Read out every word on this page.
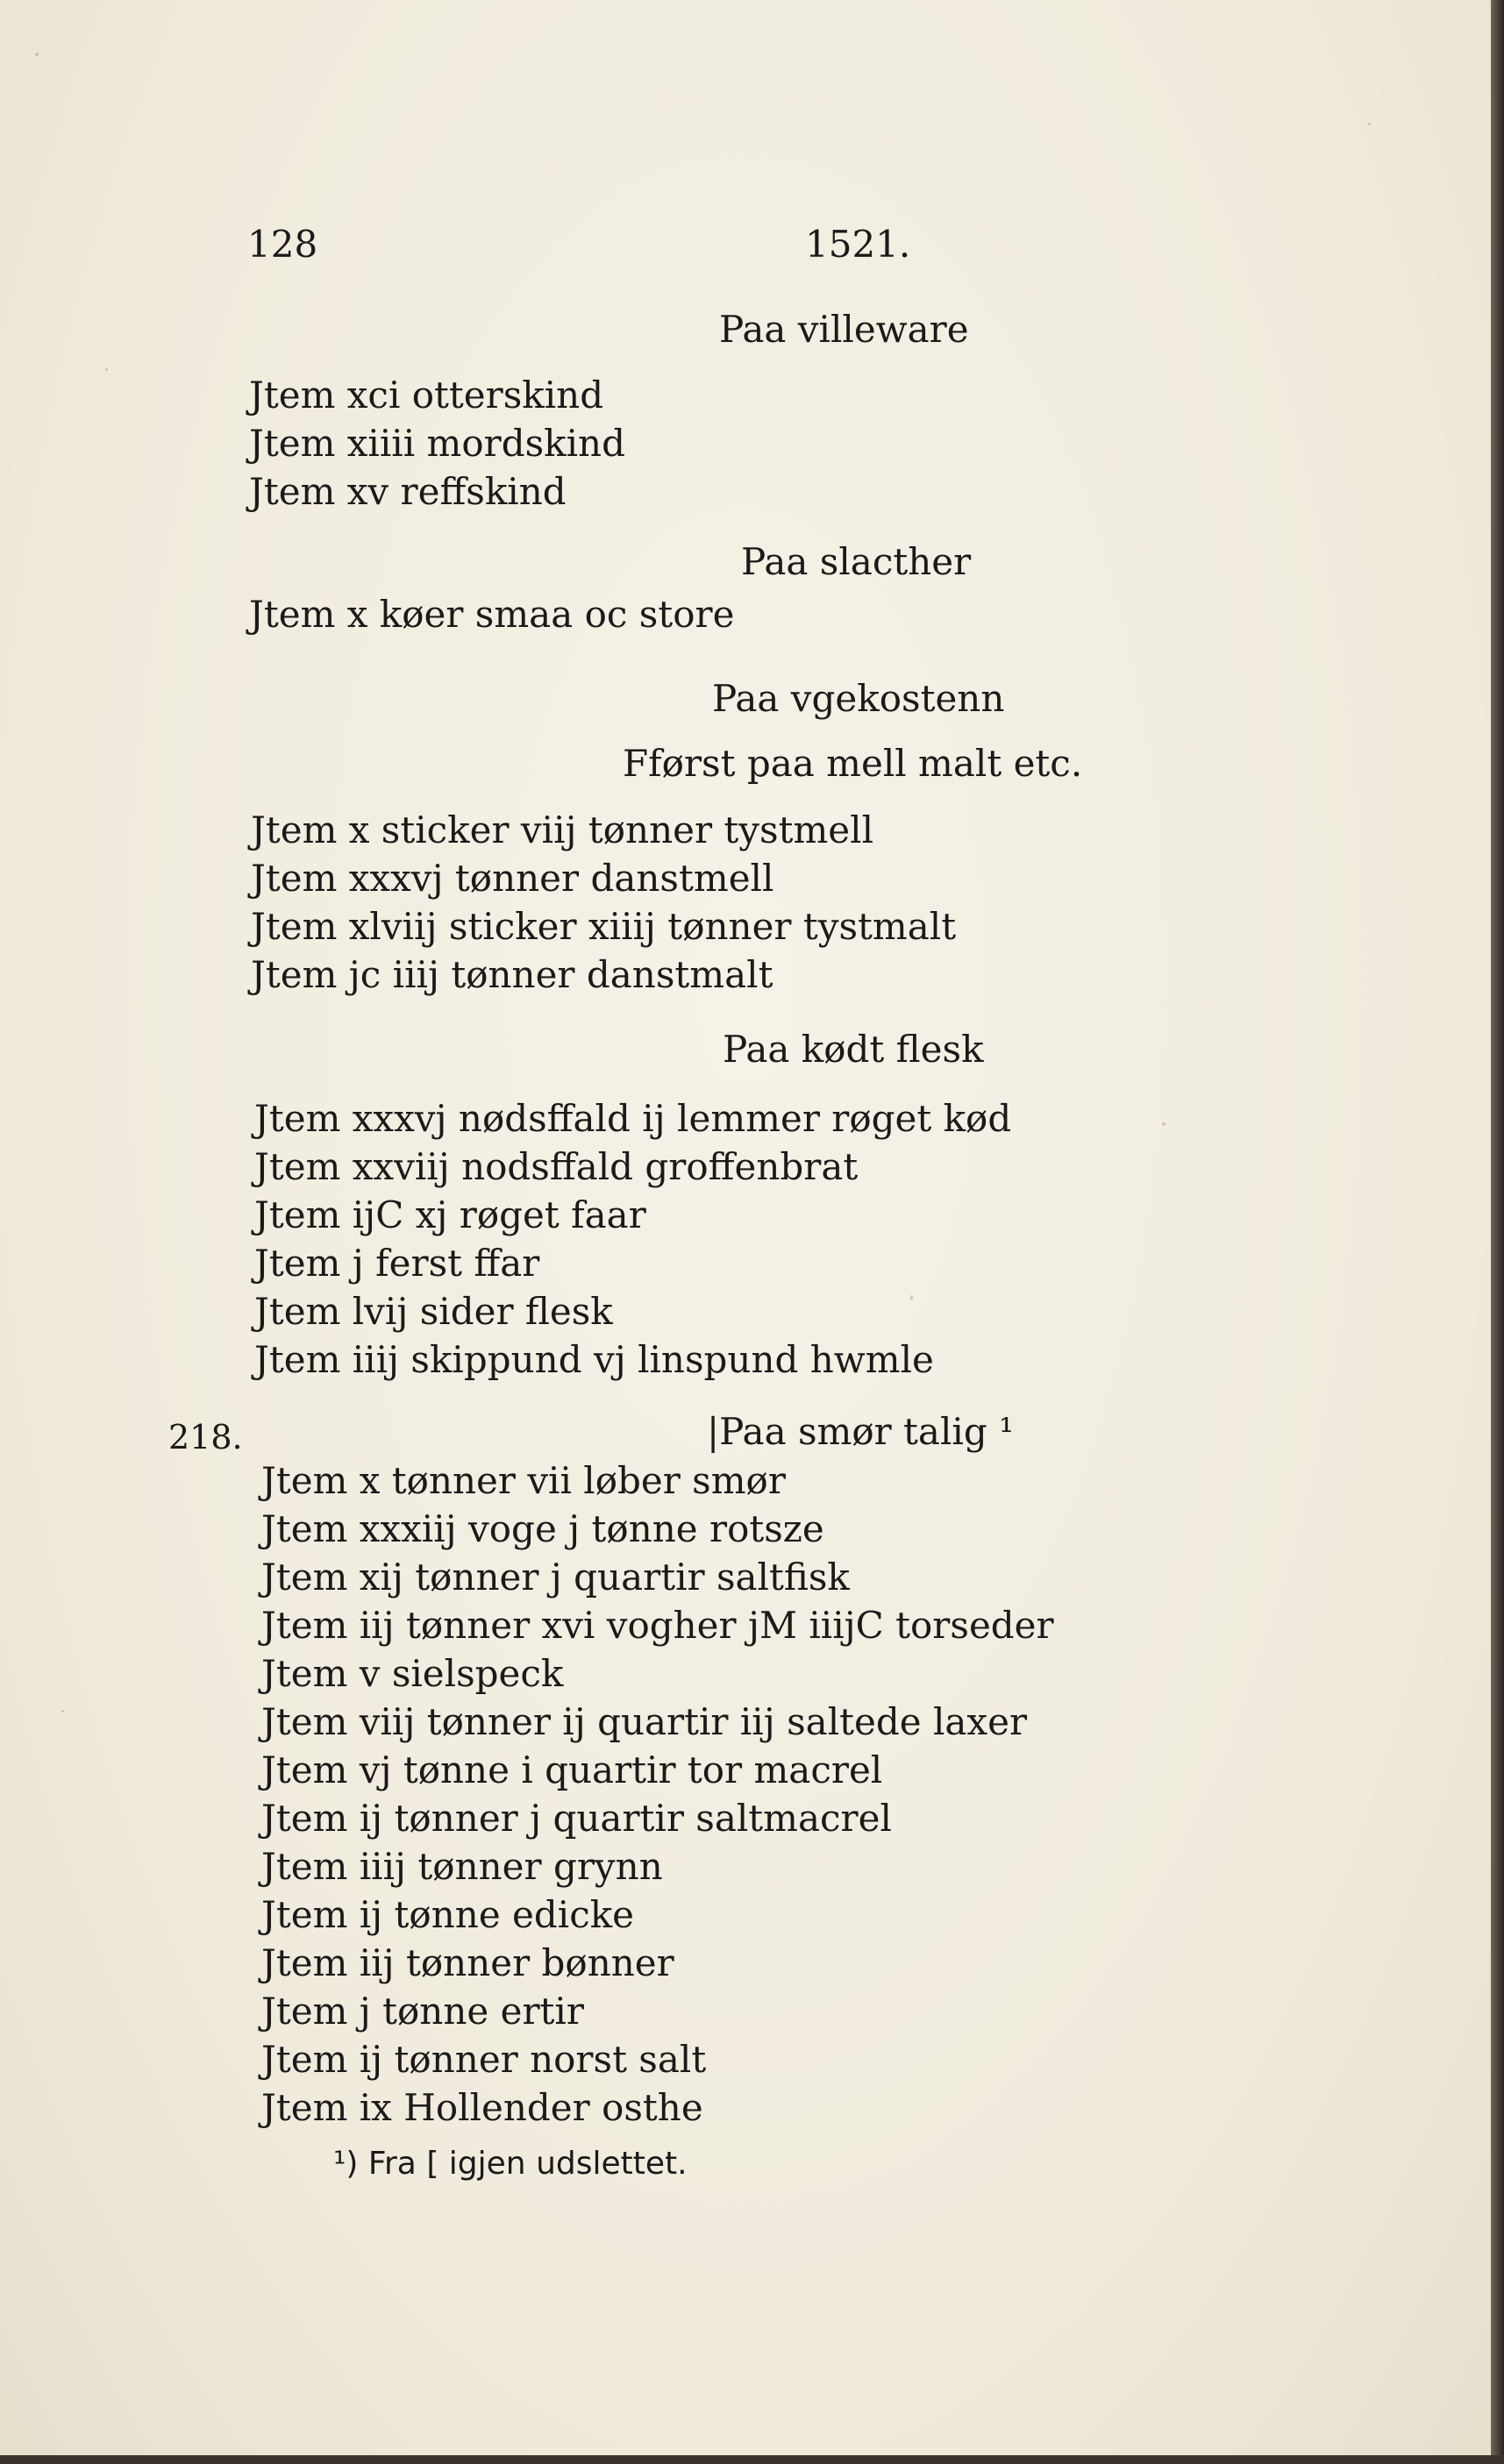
128	1521.
Paa villeware
Jtem xci otterskind
Jtem xiiii mordskind
Jtem xv reffskind
Paa slacther
Jtem x køer smaa oc store
Paa vgekostenn
Fførst paa mell malt etc.
Jtem x sticker viij tønner tystmell
Jtem xxxvj tønner danstmell
Jtem xlviij sticker xiiij tønner tystmalt
Jtem jc iiij tønner danstmalt
Paa kødt flesk
Jtem xxxvj nødsffald ij lemmer røget kød
Jtem xxviij nodsffald groffenbrat
Jtem ijC xj røget faar
Jtem j ferst ffar
Jtem lvij sider flesk
Jtem iiij skippund vj linspund hwmle
218.	|Paa smør talig ¹
Jtem x tønner vii løber smør
Jtem xxxiij voge j tønne rotsze
Jtem xij tønner j quartir saltfisk
Jtem iij tønner xvi vogher jM iiijC torseder
Jtem v sielspeck
Jtem viij tønner ij quartir iij saltede laxer
Jtem vj tønne i quartir tor macrel
Jtem ij tønner j quartir saltmacrel
Jtem iiij tønner grynn
Jtem ij tønne edicke
Jtem iij tønner bønner
Jtem j tønne ertir
Jtem ij tønner norst salt
Jtem ix Hollender osthe
¹) Fra [ igjen udslettet.
